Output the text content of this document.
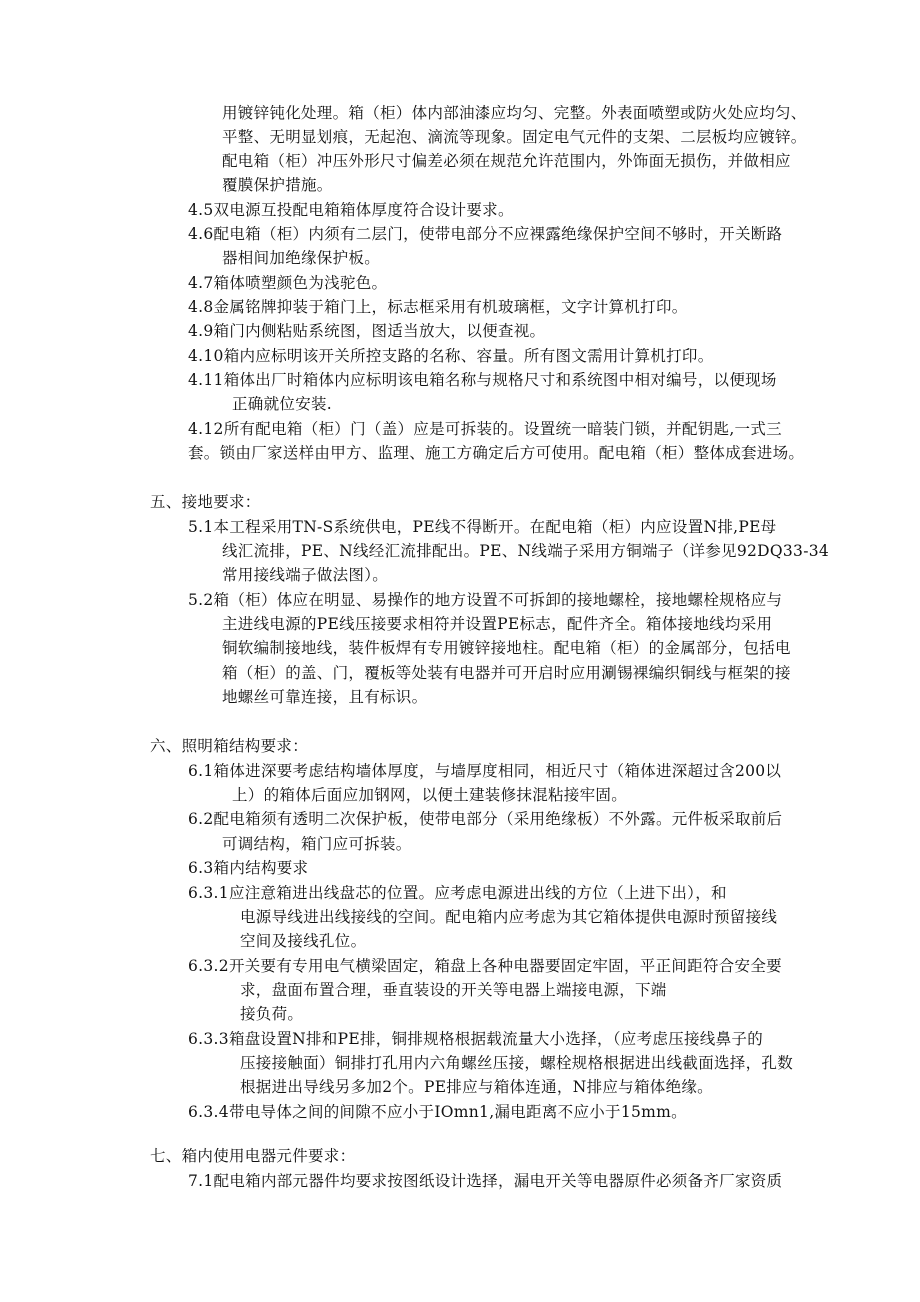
用镀锌钝化处理。箱（柜）体内部油漆应均匀、完整。外表面喷塑或防火处应均匀、
平整、无明显划痕，无起泡、滴流等现象。固定电气元件的支架、二层板均应镀锌。
配电箱（柜）冲压外形尺寸偏差必须在规范允许范围内，外饰面无损伤，并做相应
覆膜保护措施。
4.5双电源互投配电箱箱体厚度符合设计要求。
4.6配电箱（柜）内须有二层门，使带电部分不应裸露绝缘保护空间不够时，开关断路
器相间加绝缘保护板。
4.7箱体喷塑颜色为浅驼色。
4.8金属铭牌抑装于箱门上，标志框采用有机玻璃框，文字计算机打印。
4.9箱门内侧粘贴系统图，图适当放大，以便查视。
4.10箱内应标明该开关所控支路的名称、容量。所有图文需用计算机打印。
4.11箱体出厂时箱体内应标明该电箱名称与规格尺寸和系统图中相对编号，以便现场
正确就位安装.
4.12所有配电箱（柜）门（盖）应是可拆装的。设置统一暗装门锁，并配钥匙,一式三
套。锁由厂家送样由甲方、监理、施工方确定后方可使用。配电箱（柜）整体成套进场。
五、接地要求：
5.1本工程采用TN-S系统供电，PE线不得断开。在配电箱（柜）内应设置N排,PE母
线汇流排，PE、N线经汇流排配出。PE、N线端子采用方铜端子（详参见92DQ33-34
常用接线端子做法图）。
5.2箱（柜）体应在明显、易操作的地方设置不可拆卸的接地螺栓，接地螺栓规格应与
主进线电源的PE线压接要求相符并设置PE标志，配件齐全。箱体接地线均采用
铜软编制接地线，装件板焊有专用镀锌接地柱。配电箱（柜）的金属部分，包括电
箱（柜）的盖、门，覆板等处装有电器并可开启时应用涮锡裸编织铜线与框架的接
地螺丝可靠连接，且有标识。
六、照明箱结构要求：
6.1箱体进深要考虑结构墙体厚度，与墙厚度相同，相近尺寸（箱体进深超过含200以
上）的箱体后面应加钢网，以便土建装修抹混粘接牢固。
6.2配电箱须有透明二次保护板，使带电部分（采用绝缘板）不外露。元件板采取前后
可调结构，箱门应可拆装。
6.3箱内结构要求
6.3.1应注意箱进出线盘芯的位置。应考虑电源进出线的方位（上进下出），和
电源导线进出线接线的空间。配电箱内应考虑为其它箱体提供电源时预留接线
空间及接线孔位。
6.3.2开关要有专用电气横梁固定，箱盘上各种电器要固定牢固，平正间距符合安全要
求，盘面布置合理，垂直装设的开关等电器上端接电源，下端
接负荷。
6.3.3箱盘设置N排和PE排，铜排规格根据载流量大小选择，（应考虑压接线鼻子的
压接接触面）铜排打孔用内六角螺丝压接，螺栓规格根据进出线截面选择，孔数
根据进出导线另多加2个。PE排应与箱体连通，N排应与箱体绝缘。
6.3.4带电导体之间的间隙不应小于IOmn1,漏电距离不应小于15mm。
七、箱内使用电器元件要求：
7.1配电箱内部元器件均要求按图纸设计选择，漏电开关等电器原件必须备齐厂家资质
